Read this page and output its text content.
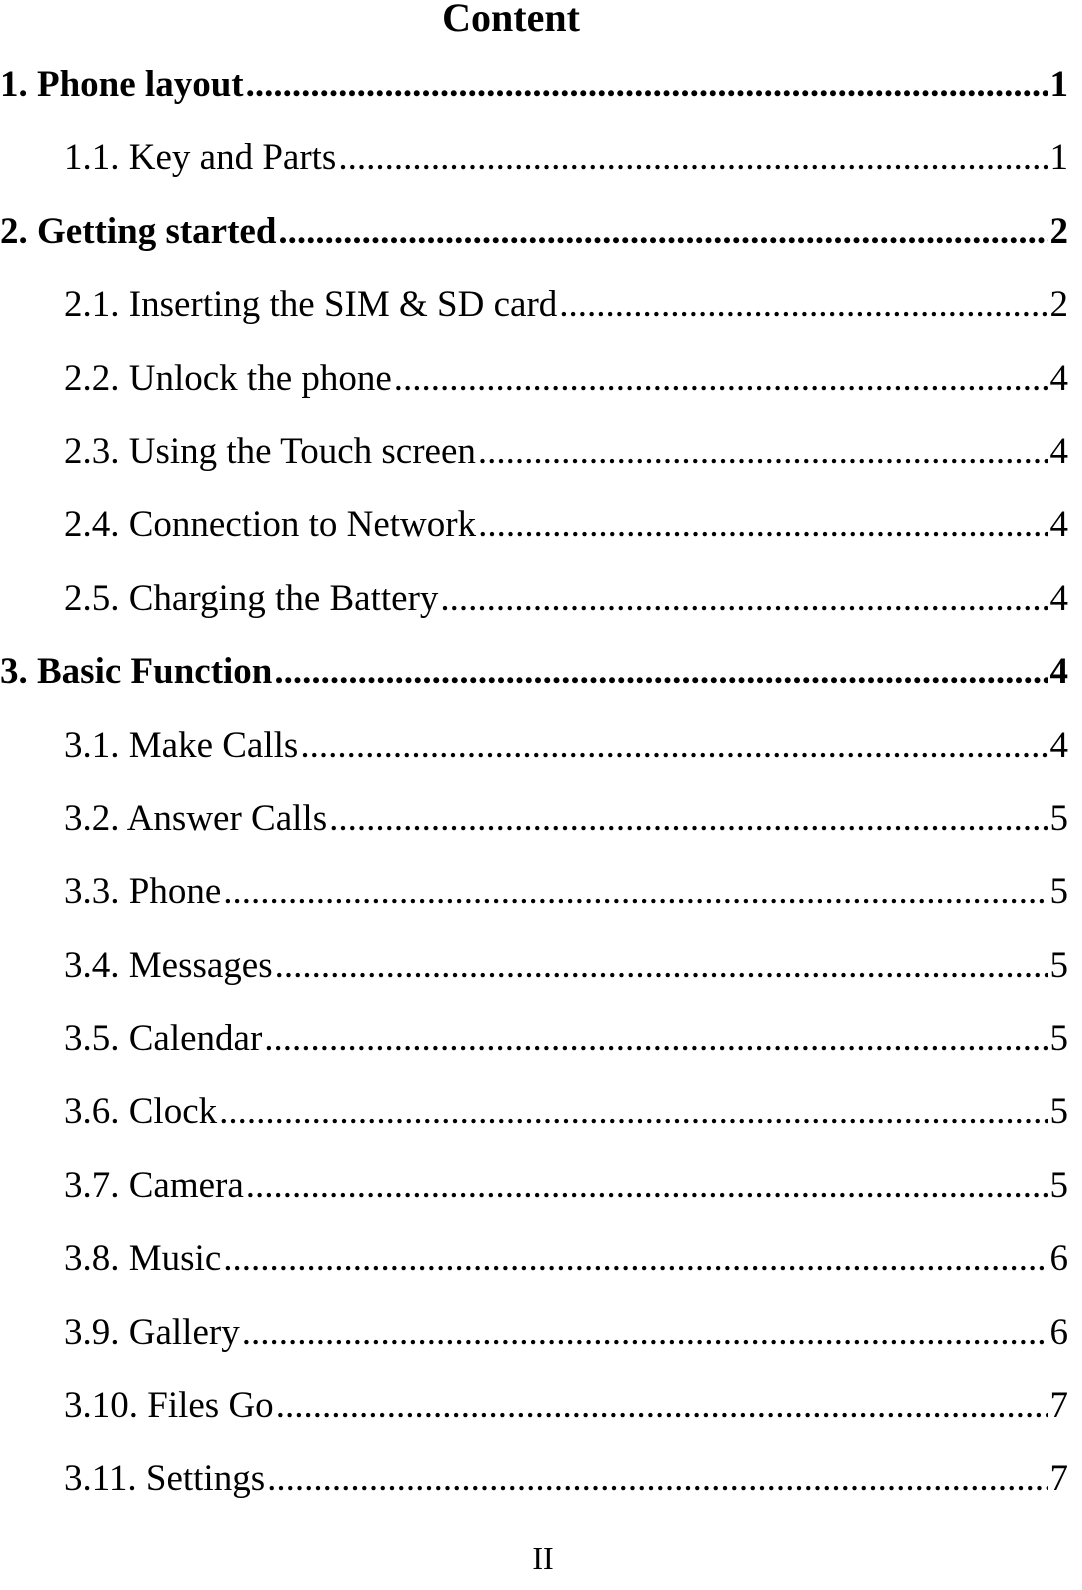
Content
1. Phone layout .....	1
1.1. Key and Parts .....	1
2. Getting started .....	2
2.1. Inserting the SIM & SD card .....	2
2.2. Unlock the phone .....	4
2.3. Using the Touch screen .....	4
2.4. Connection to Network .....	4
2.5. Charging the Battery .....	4
3. Basic Function .....	4
3.1. Make Calls .....	4
3.2. Answer Calls .....	5
3.3. Phone .....	5
3.4. Messages .....	5
3.5. Calendar .....	5
3.6. Clock .....	5
3.7. Camera .....	5
3.8. Music .....	6
3.9. Gallery .....	6
3.10. Files Go .....	7
3.11. Settings .....	7
II
